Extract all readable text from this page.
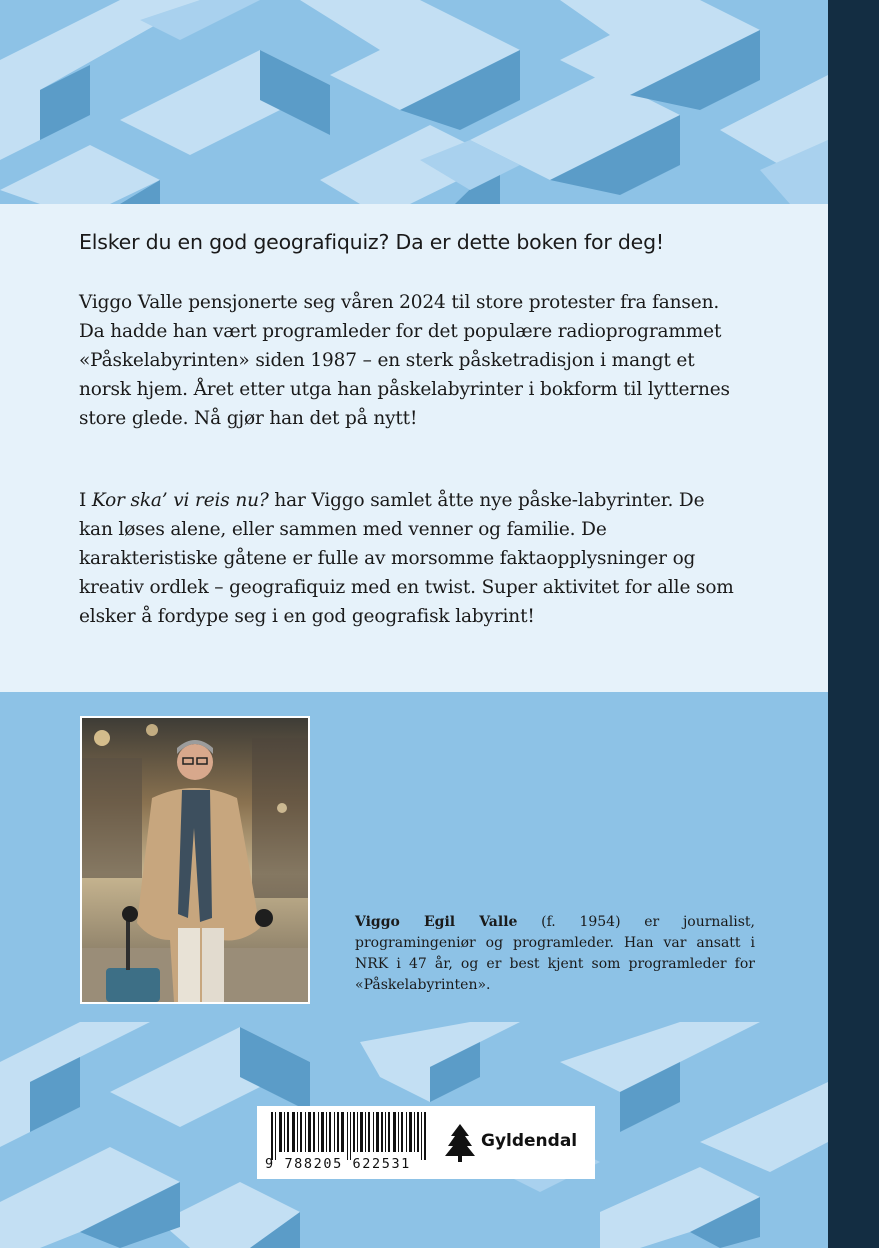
Elsker du en god geografiquiz? Da er dette boken for deg!

Viggo Valle pensjonerte seg våren 2024 til store protester fra fansen. Da hadde han vært programleder for det populære radioprogrammet «Påskelabyrinten» siden 1987 – en sterk påsketradisjon i mangt et norsk hjem. Året etter utga han påskelabyrinter i bokform til lytternes store glede. Nå gjør han det på nytt!

I Kor ska’ vi reis nu? har Viggo samlet åtte nye påske-labyrinter. De kan løses alene, eller sammen med venner og familie. De karakteristiske gåtene er fulle av morsomme faktaopplysninger og kreativ ordlek – geografiquiz med en twist. Super aktivitet for alle som elsker å fordype seg i en god geografisk labyrint!

Viggo Egil Valle (f. 1954) er journalist, programingeniør og programleder. Han var ansatt i NRK i 47 år, og er best kjent som programleder for «Påskelabyrinten».

9 788205 622531

Gyldendal
